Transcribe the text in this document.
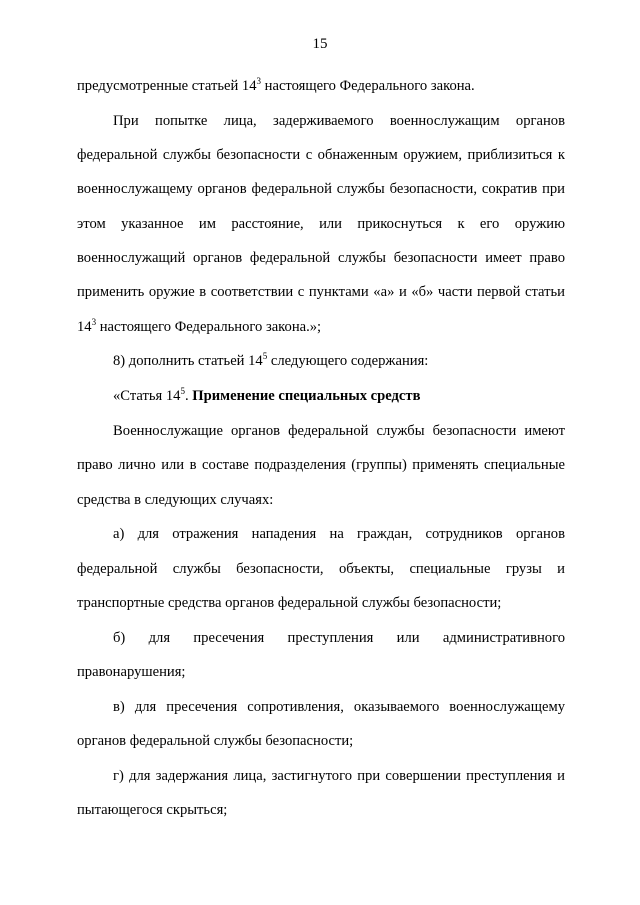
15

предусмотренные статьей $14^3$ настоящего Федерального закона.

При попытке лица, задерживаемого военнослужащим органов федеральной службы безопасности с обнаженным оружием, приблизиться к военнослужащему органов федеральной службы безопасности, сократив при этом указанное им расстояние, или прикоснуться к его оружию военнослужащий органов федеральной службы безопасности имеет право применить оружие в соответствии с пунктами «а» и «б» части первой статьи $14^3$ настоящего Федерального закона.»;

8) дополнить статьей $14^5$ следующего содержания:

«Статья $14^5$. Применение специальных средств

Военнослужащие органов федеральной службы безопасности имеют право лично или в составе подразделения (группы) применять специальные средства в следующих случаях:

а) для отражения нападения на граждан, сотрудников органов федеральной службы безопасности, объекты, специальные грузы и транспортные средства органов федеральной службы безопасности;

б) для пресечения преступления или административного правонарушения;

в) для пресечения сопротивления, оказываемого военнослужащему органов федеральной службы безопасности;

г) для задержания лица, застигнутого при совершении преступления и пытающегося скрыться;
